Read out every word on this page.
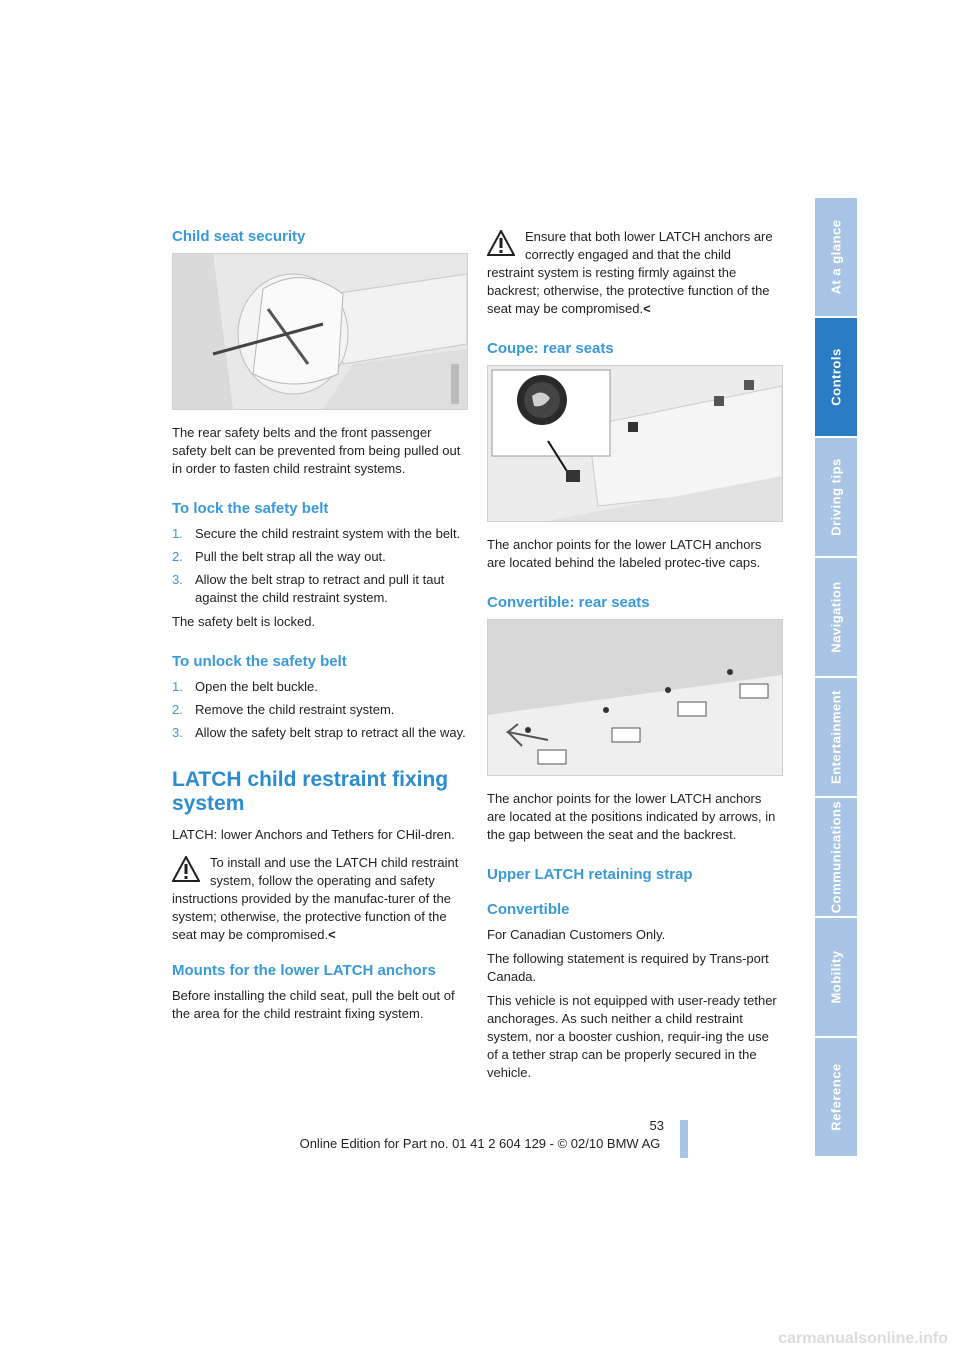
Child seat security

The rear safety belts and the front passenger safety belt can be prevented from being pulled out in order to fasten child restraint systems.

To lock the safety belt
1. Secure the child restraint system with the belt.
2. Pull the belt strap all the way out.
3. Allow the belt strap to retract and pull it taut against the child restraint system.

The safety belt is locked.

To unlock the safety belt
1. Open the belt buckle.
2. Remove the child restraint system.
3. Allow the safety belt strap to retract all the way.
LATCH child restraint fixing system

LATCH: lower Anchors and Tethers for CHil-dren.

To install and use the LATCH child restraint system, follow the operating and safety instructions provided by the manufac-turer of the system; otherwise, the protective function of the seat may be compromised.<

Mounts for the lower LATCH anchors

Before installing the child seat, pull the belt out of the area for the child restraint fixing system.

Ensure that both lower LATCH anchors are correctly engaged and that the child restraint system is resting firmly against the backrest; otherwise, the protective function of the seat may be compromised.<

Coupe: rear seats

The anchor points for the lower LATCH anchors are located behind the labeled protec-tive caps.

Convertible: rear seats

The anchor points for the lower LATCH anchors are located at the positions indicated by arrows, in the gap between the seat and the backrest.

Upper LATCH retaining strap
Convertible

For Canadian Customers Only.

The following statement is required by Trans-port Canada.

This vehicle is not equipped with user-ready tether anchorages. As such neither a child restraint system, nor a booster cushion, requir-ing the use of a tether strap can be properly secured in the vehicle.

At a glance
Controls
Driving tips
Navigation
Entertainment
Communications
Mobility
Reference
53
Online Edition for Part no. 01 41 2 604 129 - © 02/10 BMW AG
carmanualsonline.info
